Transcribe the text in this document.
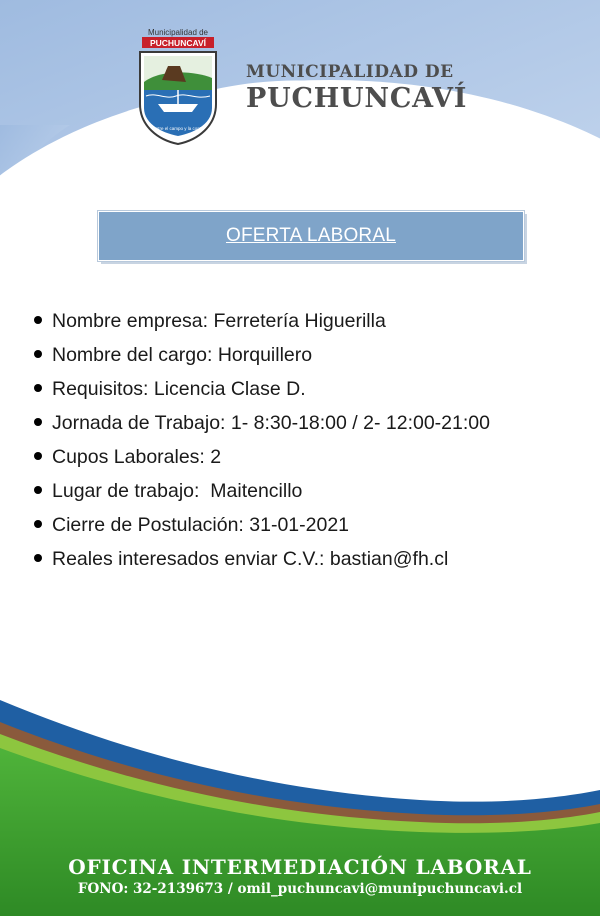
Municipalidad de
PUCHUNCAVÍ
Entre el campo y la costa
MUNICIPALIDAD DE
PUCHUNCAVÍ
OFERTA LABORAL
Nombre empresa: Ferretería Higuerilla
Nombre del cargo: Horquillero
Requisitos: Licencia Clase D.
Jornada de Trabajo: 1- 8:30-18:00 / 2- 12:00-21:00
Cupos Laborales: 2
Lugar de trabajo:  Maitencillo
Cierre de Postulación: 31-01-2021
Reales interesados enviar C.V.: bastian@fh.cl
OFICINA INTERMEDIACIÓN LABORAL
FONO: 32-2139673 / omil_puchuncavi@munipuchuncavi.cl
